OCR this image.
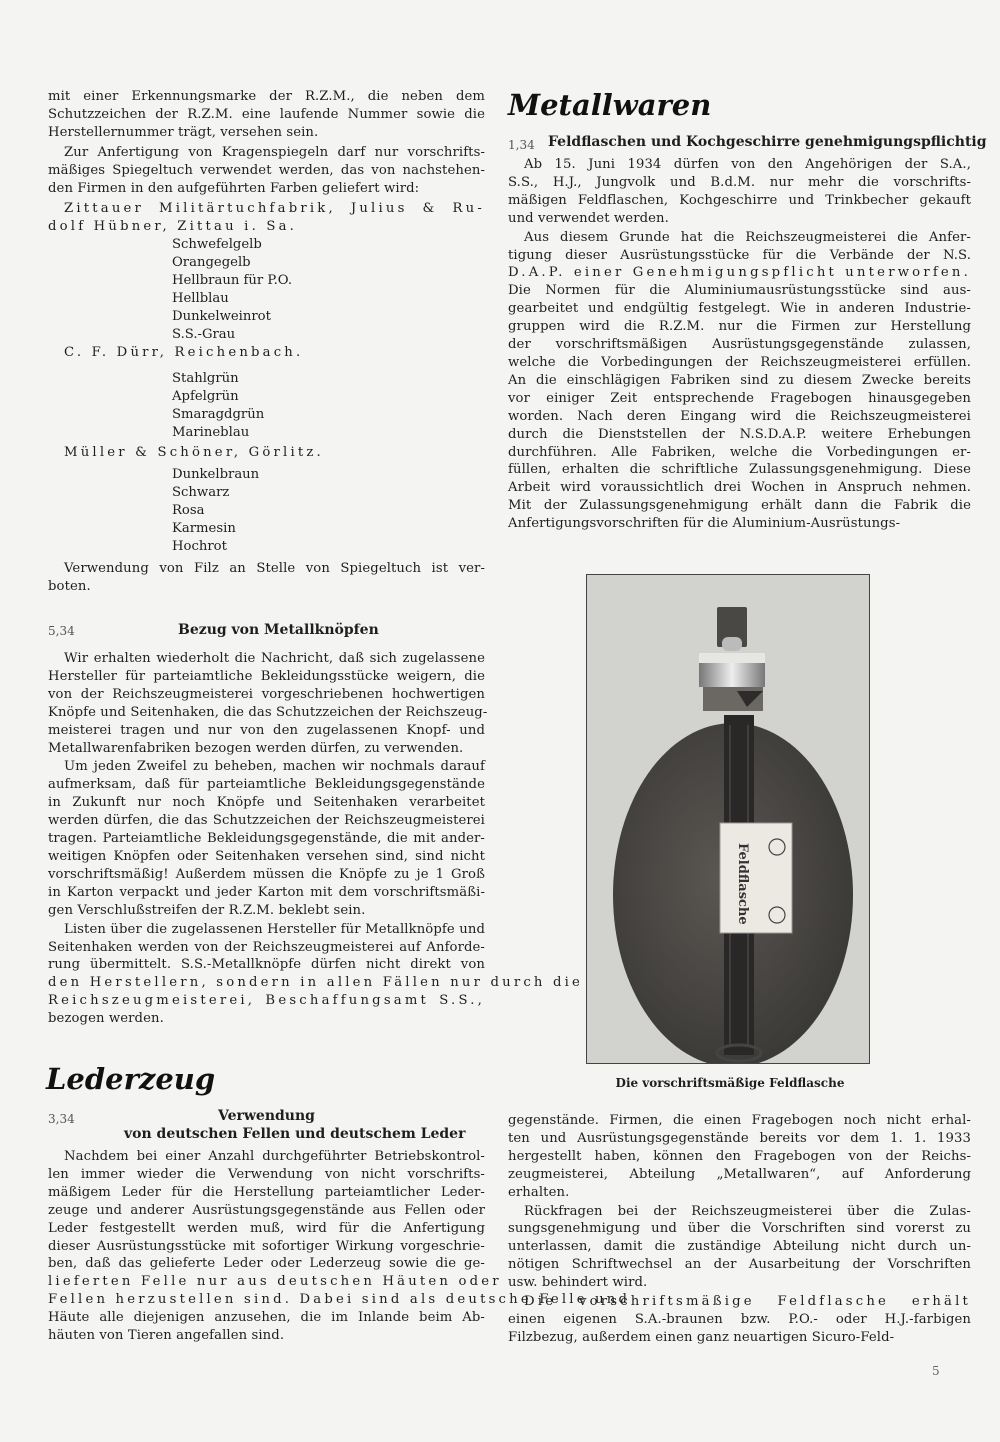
mit einer Erkennungsmarke der R.Z.M., die neben dem
Schutzzeichen der R.Z.M. eine laufende Nummer sowie die
Herstellernummer trägt, versehen sein.
Zur Anfertigung von Kragenspiegeln darf nur vorschrifts-
mäßiges Spiegeltuch verwendet werden, das von nachstehen-
den Firmen in den aufgeführten Farben geliefert wird:
Zittauer Militärtuchfabrik, Julius & Ru-
dolf Hübner, Zittau i. Sa.
Schwefelgelb
Orangegelb
Hellbraun für P.O.
Hellblau
Dunkelweinrot
S.S.-Grau
C. F. Dürr, Reichenbach.
Stahlgrün
Apfelgrün
Smaragdgrün
Marineblau
Müller & Schöner, Görlitz.
Dunkelbraun
Schwarz
Rosa
Karmesin
Hochrot
Verwendung von Filz an Stelle von Spiegeltuch ist ver-
boten.
5,34	Bezug von Metallknöpfen
Wir erhalten wiederholt die Nachricht, daß sich zugelassene
Hersteller für parteiamtliche Bekleidungsstücke weigern, die
von der Reichszeugmeisterei vorgeschriebenen hochwertigen
Knöpfe und Seitenhaken, die das Schutzzeichen der Reichszeug-
meisterei tragen und nur von den zugelassenen Knopf- und
Metallwarenfabriken bezogen werden dürfen, zu verwenden.
Um jeden Zweifel zu beheben, machen wir nochmals darauf
aufmerksam, daß für parteiamtliche Bekleidungsgegenstände
in Zukunft nur noch Knöpfe und Seitenhaken verarbeitet
werden dürfen, die das Schutzzeichen der Reichszeugmeisterei
tragen. Parteiamtliche Bekleidungsgegenstände, die mit ander-
weitigen Knöpfen oder Seitenhaken versehen sind, sind nicht
vorschriftsmäßig! Außerdem müssen die Knöpfe zu je 1 Groß
in Karton verpackt und jeder Karton mit dem vorschriftsmäßi-
gen Verschlußstreifen der R.Z.M. beklebt sein.
Listen über die zugelassenen Hersteller für Metallknöpfe und
Seitenhaken werden von der Reichszeugmeisterei auf Anforde-
rung übermittelt. S.S.-Metallknöpfe dürfen nicht direkt von
den Herstellern, sondern in allen Fällen nur durch die
Reichszeugmeisterei, Beschaffungsamt S.S.,
bezogen werden.
Lederzeug
3,34	Verwendung
von deutschen Fellen und deutschem Leder
Nachdem bei einer Anzahl durchgeführter Betriebskontrol-
len immer wieder die Verwendung von nicht vorschrifts-
mäßigem Leder für die Herstellung parteiamtlicher Leder-
zeuge und anderer Ausrüstungsgegenstände aus Fellen oder
Leder festgestellt werden muß, wird für die Anfertigung
dieser Ausrüstungsstücke mit sofortiger Wirkung vorgeschrie-
ben, daß das gelieferte Leder oder Lederzeug sowie die ge-
lieferten Felle nur aus deutschen Häuten oder
Fellen herzustellen sind. Dabei sind als deutsche Felle und
Häute alle diejenigen anzusehen, die im Inlande beim Ab-
häuten von Tieren angefallen sind.
Metallwaren
1,34 Feldflaschen und Kochgeschirre genehmigungspflichtig
Ab 15. Juni 1934 dürfen von den Angehörigen der S.A.,
S.S., H.J., Jungvolk und B.d.M. nur mehr die vorschrifts-
mäßigen Feldflaschen, Kochgeschirre und Trinkbecher gekauft
und verwendet werden.
Aus diesem Grunde hat die Reichszeugmeisterei die Anfer-
tigung dieser Ausrüstungsstücke für die Verbände der N.S.
D.A.P. einer Genehmigungspflicht unterworfen.
Die Normen für die Aluminiumausrüstungsstücke sind aus-
gearbeitet und endgültig festgelegt. Wie in anderen Industrie-
gruppen wird die R.Z.M. nur die Firmen zur Herstellung
der vorschriftsmäßigen Ausrüstungsgegenstände zulassen,
welche die Vorbedingungen der Reichszeugmeisterei erfüllen.
An die einschlägigen Fabriken sind zu diesem Zwecke bereits
vor einiger Zeit entsprechende Fragebogen hinausgegeben
worden. Nach deren Eingang wird die Reichszeugmeisterei
durch die Dienststellen der N.S.D.A.P. weitere Erhebungen
durchführen. Alle Fabriken, welche die Vorbedingungen er-
füllen, erhalten die schriftliche Zulassungsgenehmigung. Diese
Arbeit wird voraussichtlich drei Wochen in Anspruch nehmen.
Mit der Zulassungsgenehmigung erhält dann die Fabrik die
Anfertigungsvorschriften für die Aluminium-Ausrüstungs-
Feldflasche
Die vorschriftsmäßige Feldflasche
gegenstände. Firmen, die einen Fragebogen noch nicht erhal-
ten und Ausrüstungsgegenstände bereits vor dem 1. 1. 1933
hergestellt haben, können den Fragebogen von der Reichs-
zeugmeisterei, Abteilung „Metallwaren“, auf Anforderung
erhalten.
Rückfragen bei der Reichszeugmeisterei über die Zulas-
sungsgenehmigung und über die Vorschriften sind vorerst zu
unterlassen, damit die zuständige Abteilung nicht durch un-
nötigen Schriftwechsel an der Ausarbeitung der Vorschriften
usw. behindert wird.
Die vorschriftsmäßige Feldflasche erhält
einen eigenen S.A.-braunen bzw. P.O.- oder H.J.-farbigen
Filzbezug, außerdem einen ganz neuartigen Sicuro-Feld-
5
